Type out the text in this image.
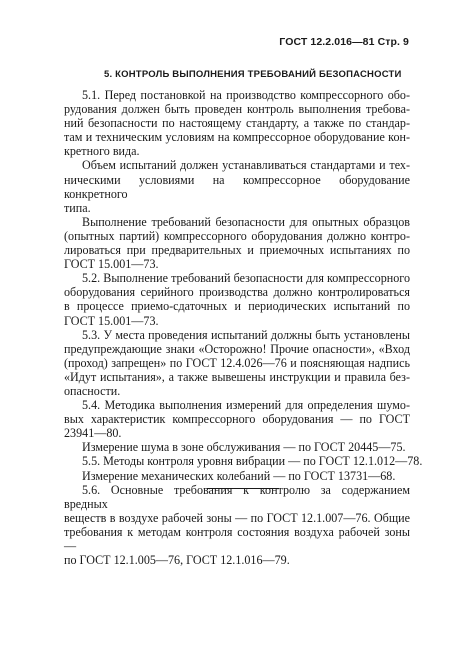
ГОСТ 12.2.016—81 Стр. 9
5. КОНТРОЛЬ ВЫПОЛНЕНИЯ ТРЕБОВАНИЙ БЕЗОПАСНОСТИ
5.1. Перед постановкой на производство компрессорного обо-
рудования должен быть проведен контроль выполнения требова-
ний безопасности по настоящему стандарту, а также по стандар-
там и техническим условиям на компрессорное оборудование кон-
кретного вида.
Объем испытаний должен устанавливаться стандартами и тех-
ническими условиями на компрессорное оборудование конкретного
типа.
Выполнение требований безопасности для опытных образцов
(опытных партий) компрессорного оборудования должно контро-
лироваться при предварительных и приемочных испытаниях по
ГОСТ 15.001—73.
5.2. Выполнение требований безопасности для компрессорного
оборудования серийного производства должно контролироваться
в процессе приемо-сдаточных и периодических испытаний по
ГОСТ 15.001—73.
5.3. У места проведения испытаний должны быть установлены
предупреждающие знаки «Осторожно! Прочие опасности», «Вход
(проход) запрещен» по ГОСТ 12.4.026—76 и поясняющая надпись
«Идут испытания», а также вывешены инструкции и правила без-
опасности.
5.4. Методика выполнения измерений для определения шумо-
вых характеристик компрессорного оборудования — по ГОСТ
23941—80.
Измерение шума в зоне обслуживания — по ГОСТ 20445—75.
5.5. Методы контроля уровня вибрации — по ГОСТ 12.1.012—78.
Измерение механических колебаний — по ГОСТ 13731—68.
5.6. Основные требования к контролю за содержанием вредных
веществ в воздухе рабочей зоны — по ГОСТ 12.1.007—76. Общие
требования к методам контроля состояния воздуха рабочей зоны —
по ГОСТ 12.1.005—76, ГОСТ 12.1.016—79.
